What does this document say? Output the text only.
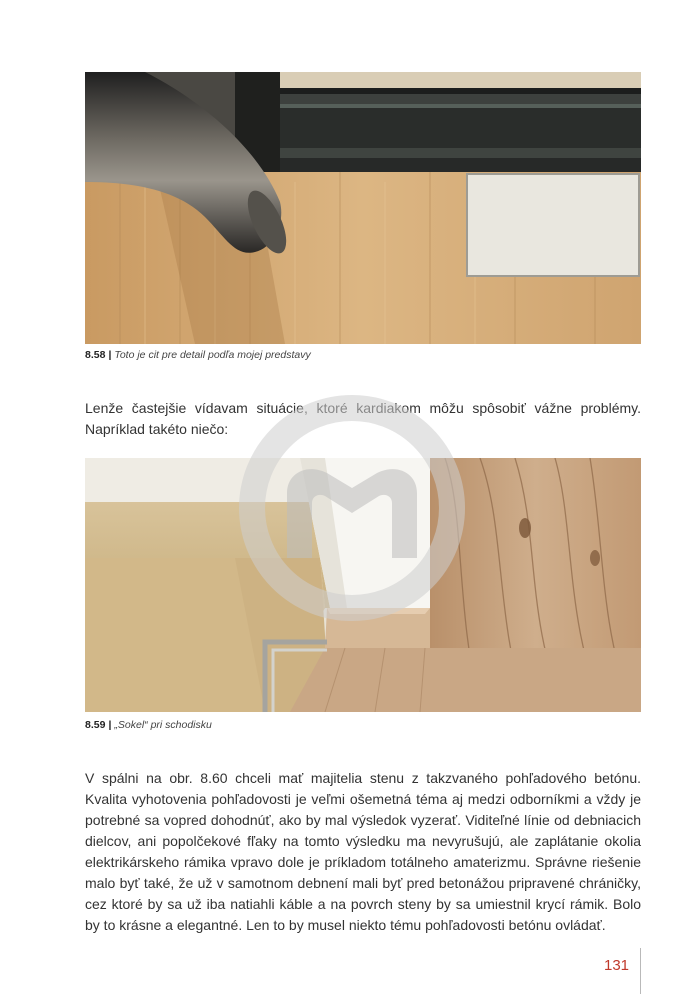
8.58 | Toto je cit pre detail podľa mojej predstavy

Lenže častejšie vídavam situácie, ktoré kardiakom môžu spôsobiť vážne problémy. Napríklad takéto niečo:

8.59 | „Sokel“ pri schodisku

V spálni na obr. 8.60 chceli mať majitelia stenu z takzvaného pohľadového betónu. Kvalita vyhotovenia pohľadovosti je veľmi ošemetná téma aj medzi odborníkmi a vždy je potrebné sa vopred dohodnúť, ako by mal výsledok vyzerať. Viditeľné línie od debniacich dielcov, ani popolčekové fľaky na tomto výsledku ma nevyrušujú, ale zaplátanie okolia elektrikárskeho rámika vpravo dole je príkladom totálneho amaterizmu. Správne riešenie malo byť také, že už v samotnom debnení mali byť pred betonážou pripravené chráničky, cez ktoré by sa už iba natiahli káble a na povrch steny by sa umiestnil krycí rámik. Bolo by to krásne a elegantné. Len to by musel niekto tému pohľadovosti betónu ovládať.

131
